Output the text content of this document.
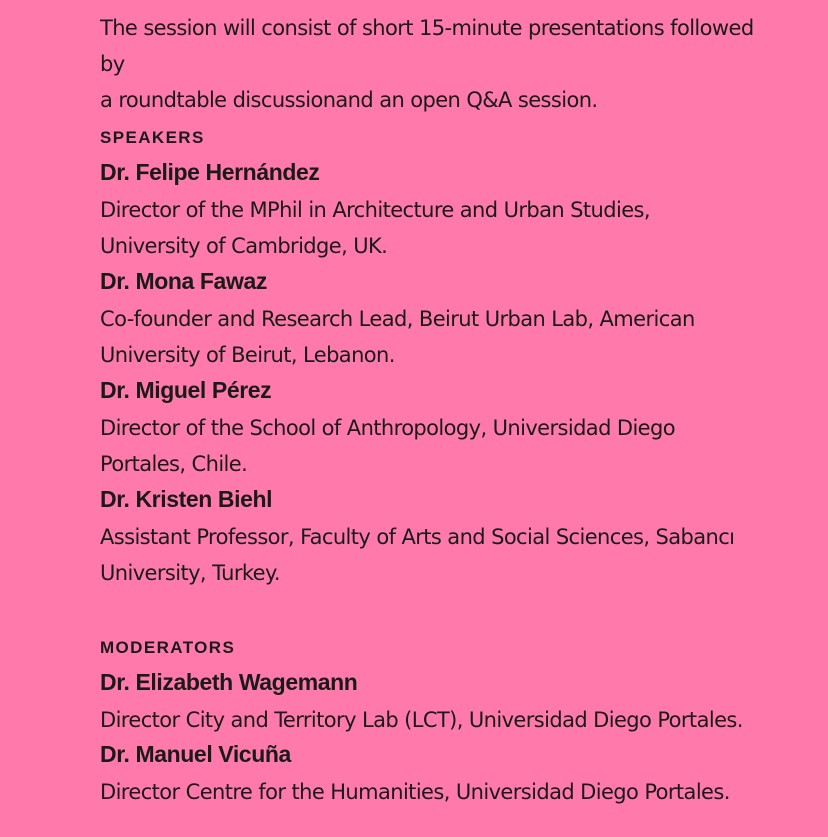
The session will consist of short 15-minute presentations followed by
a roundtable discussionand an open Q&A session.
SPEAKERS
Dr. Felipe Hernández
Director of the MPhil in Architecture and Urban Studies,
University of Cambridge, UK.
Dr. Mona Fawaz
Co-founder and Research Lead, Beirut Urban Lab, American
University of Beirut, Lebanon.
Dr. Miguel Pérez
Director of the School of Anthropology, Universidad Diego
Portales, Chile.
Dr. Kristen Biehl
Assistant Professor, Faculty of Arts and Social Sciences, Sabancı
University, Turkey.
MODERATORS
Dr. Elizabeth Wagemann
Director City and Territory Lab (LCT), Universidad Diego Portales.
Dr. Manuel Vicuña
Director Centre for the Humanities, Universidad Diego Portales.
